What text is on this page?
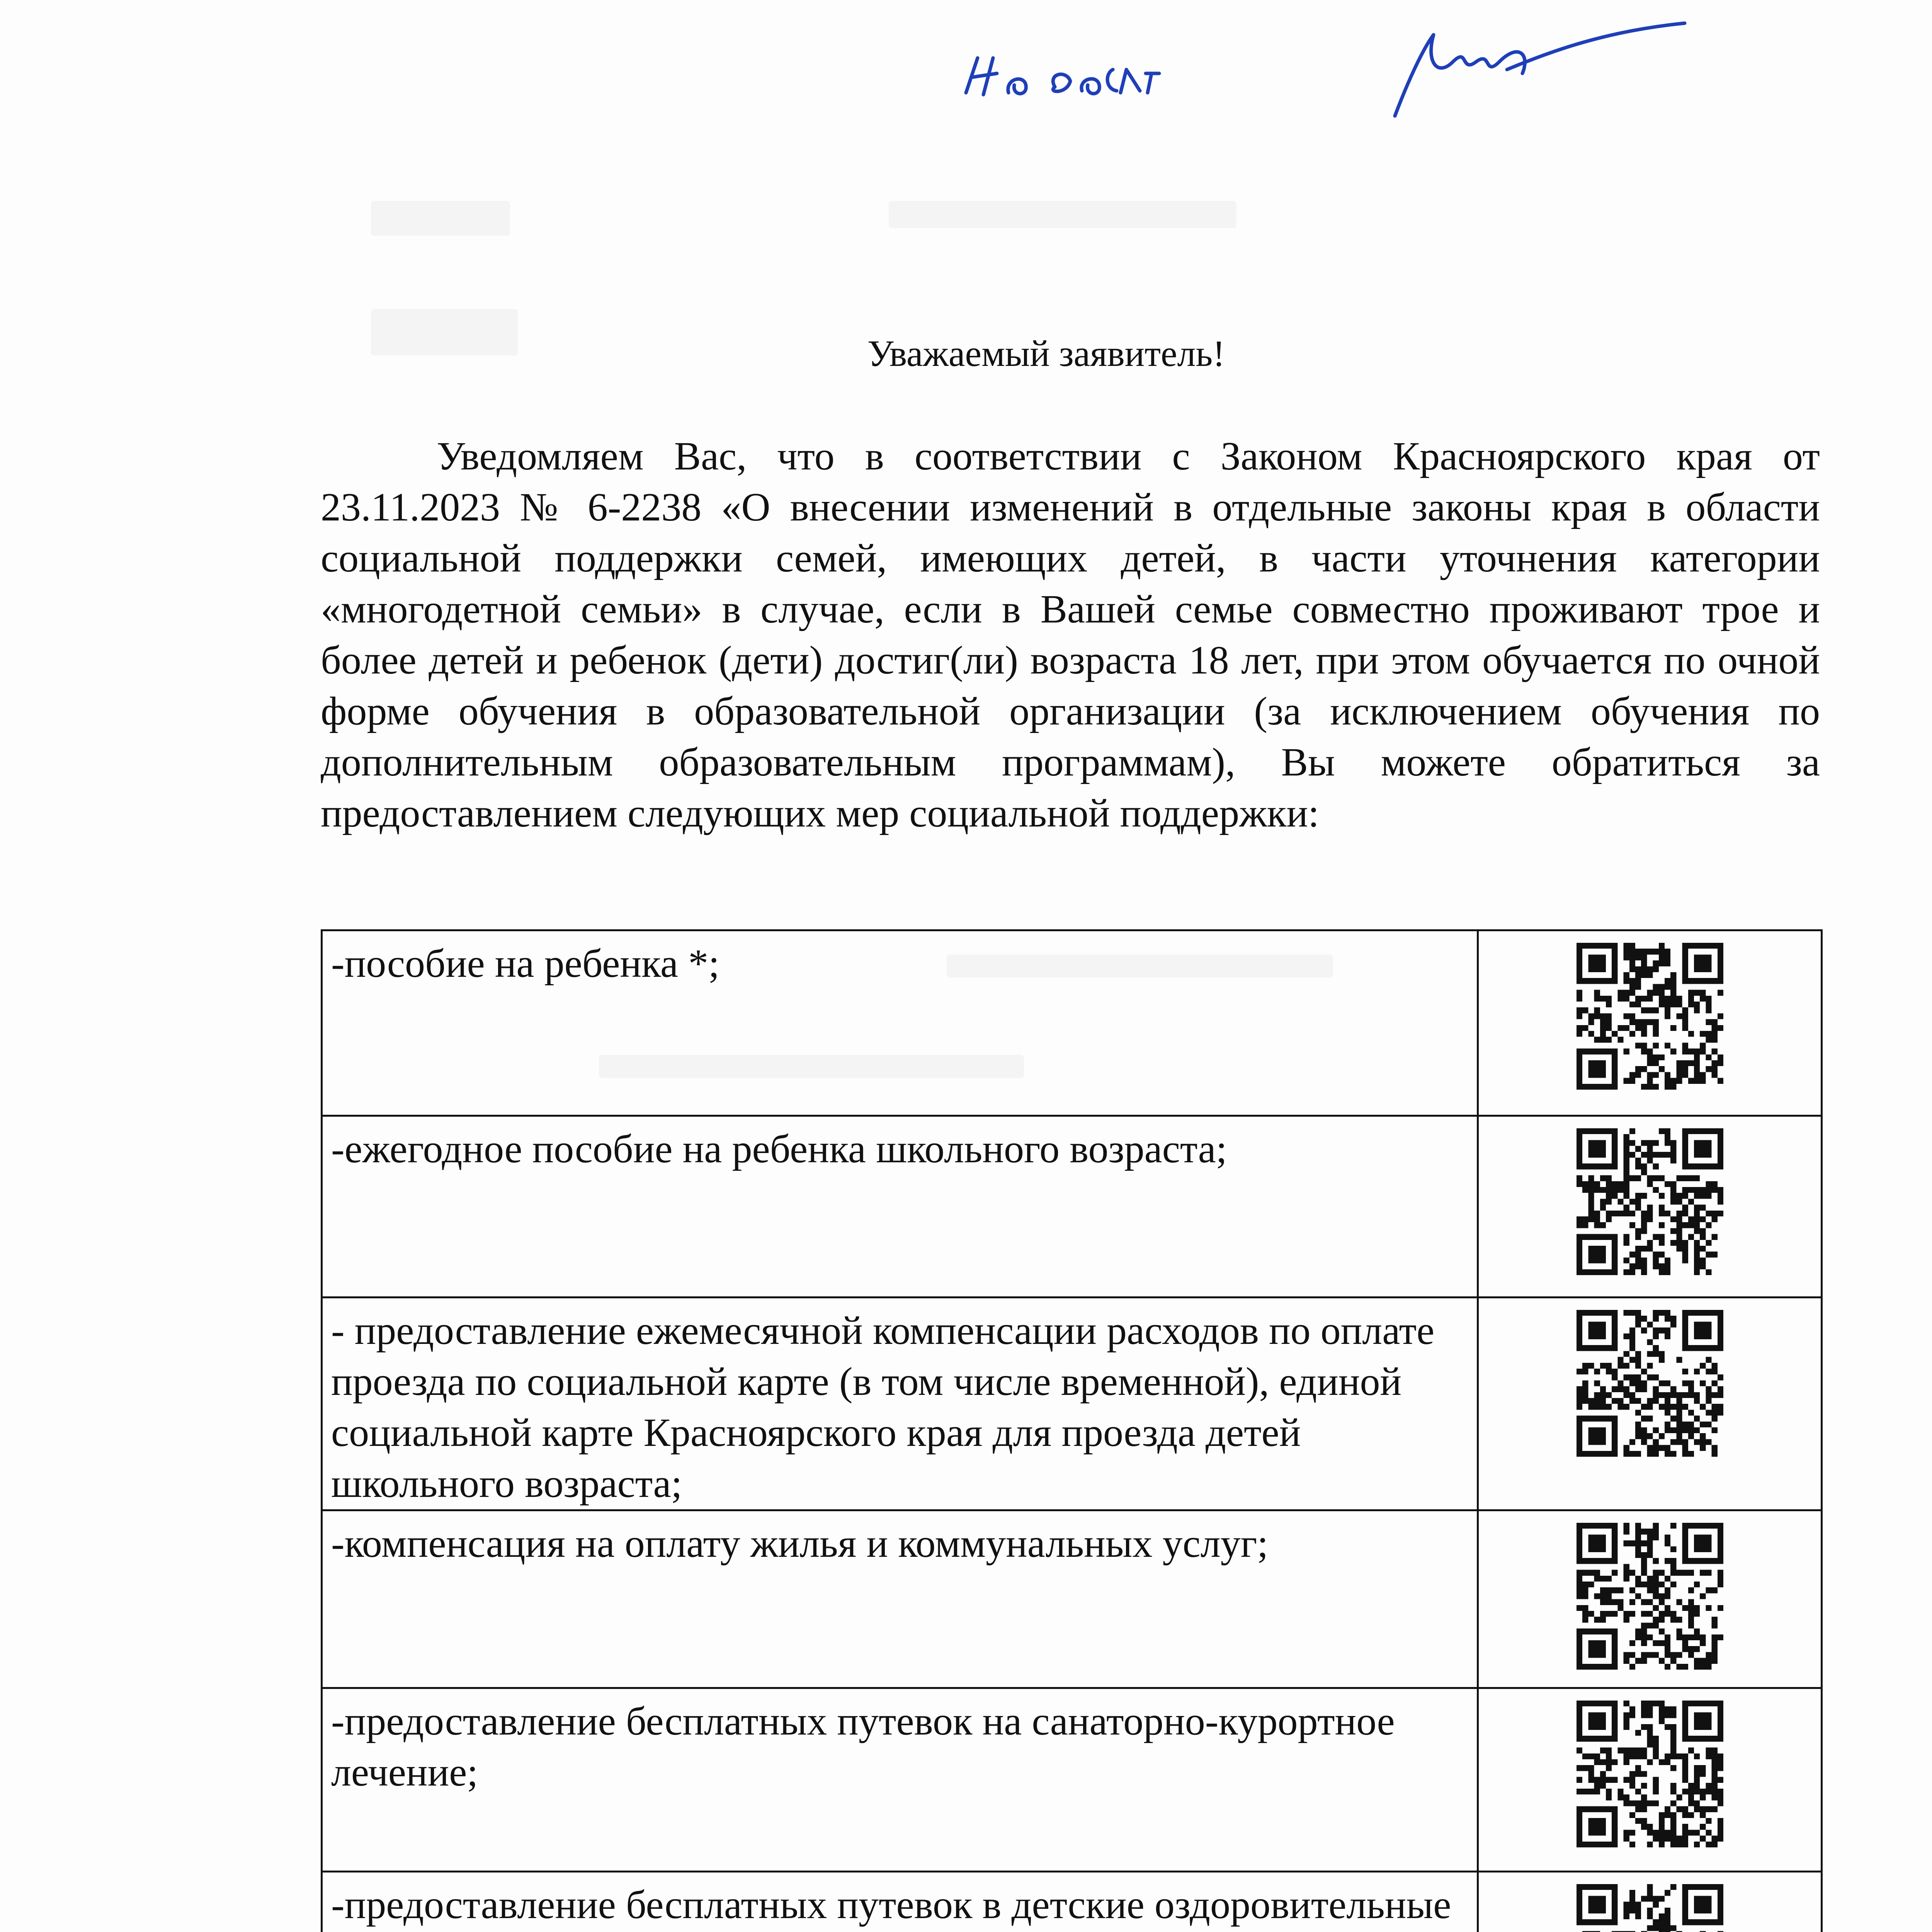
Уважаемый заявитель!

Уведомляем Вас, что в соответствии с Законом Красноярского края от 23.11.2023 № 6-2238 «О внесении изменений в отдельные законы края в области социальной поддержки семей, имеющих детей, в части уточнения категории «многодетной семьи» в случае, если в Вашей семье совместно проживают трое и более детей и ребенок (дети) достиг(ли) возраста 18 лет, при этом обучается по очной форме обучения в образовательной организации (за исключением обучения по дополнительным образовательным программам), Вы можете обратиться за предоставлением следующих мер социальной поддержки:

-пособие на ребенка *;	

-ежегодное пособие на ребенка школьного возраста;	

- предоставление ежемесячной компенсации расходов по оплате проезда по социальной карте (в том числе временной), единой социальной карте Красноярского края для проезда детей школьного возраста;	

-компенсация на оплату жилья и коммунальных услуг;	

-предоставление бесплатных путевок на санаторно-курортное лечение;	

-предоставление бесплатных путевок в детские оздоровительные	
